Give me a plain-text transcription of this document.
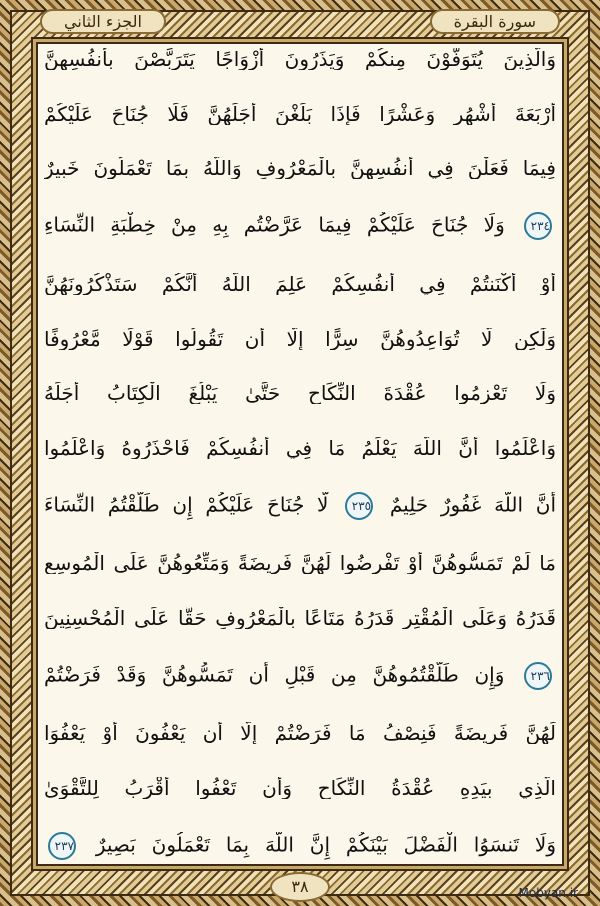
الجزء الثاني	سورة البقرة
وَالَّذِينَ يُتَوَفَّوْنَ مِنكُمْ وَيَذَرُونَ أَزْوَاجًا يَتَرَبَّصْنَ بِأَنفُسِهِنَّ
أَرْبَعَةَ أَشْهُرٍ وَعَشْرًا فَإِذَا بَلَغْنَ أَجَلَهُنَّ فَلَا جُنَاحَ عَلَيْكُمْ
فِيمَا فَعَلْنَ فِي أَنفُسِهِنَّ بِالْمَعْرُوفِ وَاللَّهُ بِمَا تَعْمَلُونَ خَبِيرٌ
٢٣٤ وَلَا جُنَاحَ عَلَيْكُمْ فِيمَا عَرَّضْتُم بِهِ مِنْ خِطْبَةِ النِّسَاءِ
أَوْ أَكْنَنتُمْ فِي أَنفُسِكُمْ عَلِمَ اللَّهُ أَنَّكُمْ سَتَذْكُرُونَهُنَّ
وَلَٰكِن لَّا تُوَاعِدُوهُنَّ سِرًّا إِلَّا أَن تَقُولُوا قَوْلًا مَّعْرُوفًا
وَلَا تَعْزِمُوا عُقْدَةَ النِّكَاحِ حَتَّىٰ يَبْلُغَ الْكِتَابُ أَجَلَهُ
وَاعْلَمُوا أَنَّ اللَّهَ يَعْلَمُ مَا فِي أَنفُسِكُمْ فَاحْذَرُوهُ وَاعْلَمُوا
أَنَّ اللَّهَ غَفُورٌ حَلِيمٌ ٢٣٥ لَّا جُنَاحَ عَلَيْكُمْ إِن طَلَّقْتُمُ النِّسَاءَ
مَا لَمْ تَمَسُّوهُنَّ أَوْ تَفْرِضُوا لَهُنَّ فَرِيضَةً وَمَتِّعُوهُنَّ عَلَى الْمُوسِعِ
قَدَرُهُ وَعَلَى الْمُقْتِرِ قَدَرُهُ مَتَاعًا بِالْمَعْرُوفِ حَقًّا عَلَى الْمُحْسِنِينَ
٢٣٦ وَإِن طَلَّقْتُمُوهُنَّ مِن قَبْلِ أَن تَمَسُّوهُنَّ وَقَدْ فَرَضْتُمْ
لَهُنَّ فَرِيضَةً فَنِصْفُ مَا فَرَضْتُمْ إِلَّا أَن يَعْفُونَ أَوْ يَعْفُوَا
الَّذِي بِيَدِهِ عُقْدَةُ النِّكَاحِ وَأَن تَعْفُوا أَقْرَبُ لِلتَّقْوَىٰ
وَلَا تَنسَوُا الْفَضْلَ بَيْنَكُمْ إِنَّ اللَّهَ بِمَا تَعْمَلُونَ بَصِيرٌ ٢٣٧
٣٨	Mobyan.ir
